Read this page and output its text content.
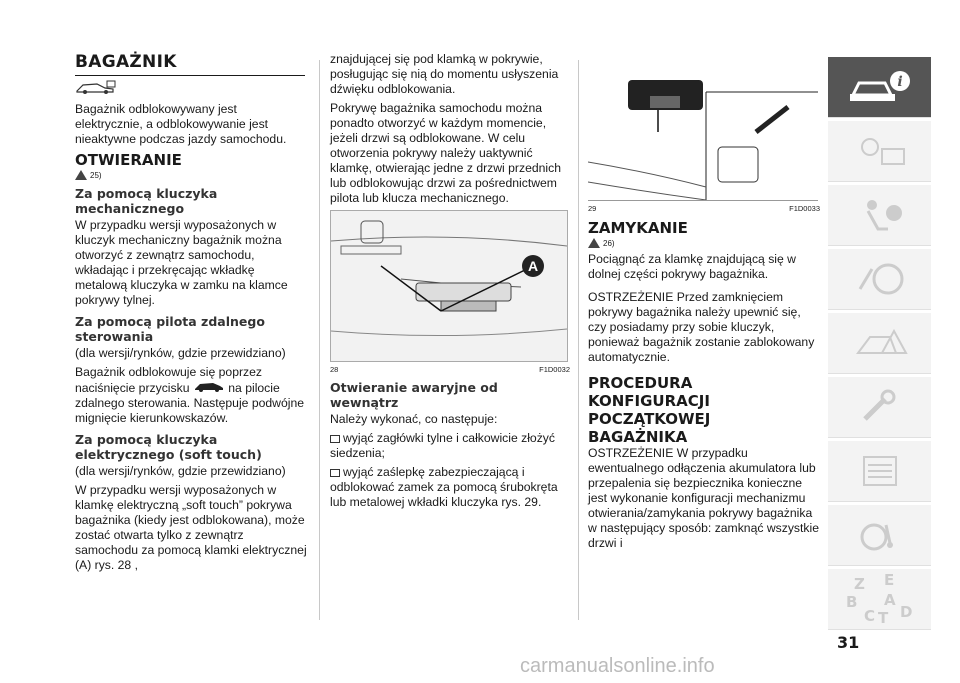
BAGAŻNIK

Bagażnik odblokowywany jest elektrycznie, a odblokowywanie jest nieaktywne podczas jazdy samochodu.

OTWIERANIE
25)
Za pomocą kluczyka mechanicznego

W przypadku wersji wyposażonych w kluczyk mechaniczny bagażnik można otworzyć z zewnątrz samochodu, wkładając i przekręcając wkładkę metalową kluczyka w zamku na klamce pokrywy tylnej.

Za pomocą pilota zdalnego sterowania

(dla wersji/rynków, gdzie przewidziano)

Bagażnik odblokowuje się poprzez naciśnięcie przycisku	na pilocie zdalnego sterowania. Następuje podwójne mignięcie kierunkowskazów.

Za pomocą kluczyka elektrycznego (soft touch)

(dla wersji/rynków, gdzie przewidziano)

W przypadku wersji wyposażonych w klamkę elektryczną „soft touch” pokrywa bagażnika (kiedy jest odblokowana), może zostać otwarta tylko z zewnątrz samochodu za pomocą klamki elektrycznej (A) rys. 28 ,

znajdującej się pod klamką w pokrywie, posługując się nią do momentu usłyszenia dźwięku odblokowania.

Pokrywę bagażnika samochodu można ponadto otworzyć w każdym momencie, jeżeli drzwi są odblokowane. W celu otworzenia pokrywy należy uaktywnić klamkę, otwierając jedne z drzwi przednich lub odblokowując drzwi za pośrednictwem pilota lub klucza mechanicznego.

A
28	F1D0032
Otwieranie awaryjne od wewnątrz

Należy wykonać, co następuje:

wyjąć zagłówki tylne i całkowicie złożyć siedzenia;

wyjąć zaślepkę zabezpieczającą i odblokować zamek za pomocą śrubokręta lub metalowej wkładki kluczyka rys. 29.

29	F1D0033
ZAMYKANIE
26)

Pociągnąć za klamkę znajdującą się w dolnej części pokrywy bagażnika.

OSTRZEŻENIE Przed zamknięciem pokrywy bagażnika należy upewnić się, czy posiadamy przy sobie kluczyk, ponieważ bagażnik zostanie zablokowany automatycznie.

PROCEDURA
KONFIGURACJI
POCZĄTKOWEJ
BAGAŻNIKA

OSTRZEŻENIE W przypadku ewentualnego odłączenia akumulatora lub przepalenia się bezpiecznika konieczne jest wykonanie konfiguracji mechanizmu otwierania/zamykania pokrywy bagażnika w następujący sposób: zamknąć wszystkie drzwi i

i
Z E
B A
C T D
31
carmanualsonline.info
